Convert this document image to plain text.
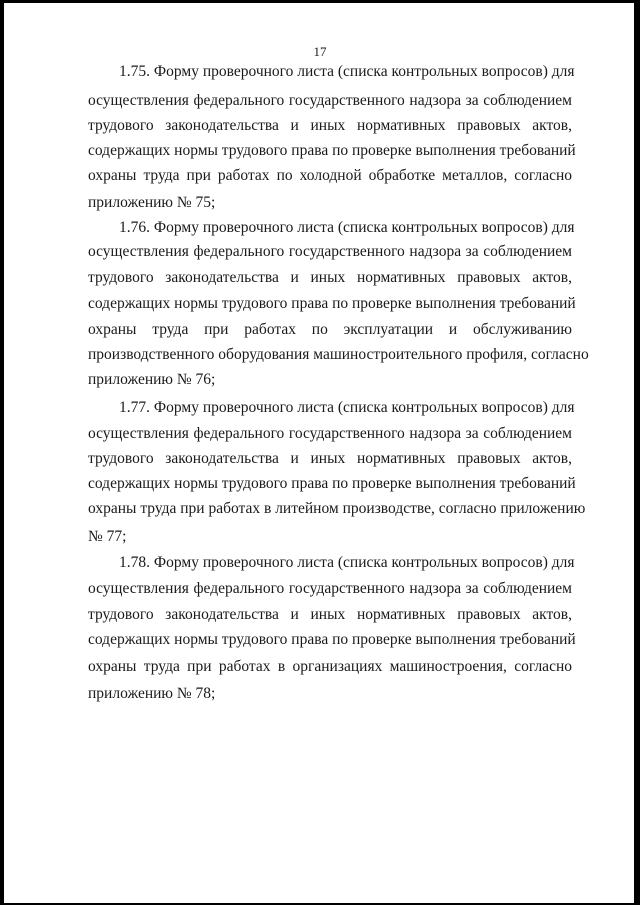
17
1.75. Форму проверочного листа (списка контрольных вопросов) для
осуществления федерального государственного надзора за соблюдением
трудового законодательства и иных нормативных правовых актов,
содержащих нормы трудового права по проверке выполнения требований
охраны труда при работах по холодной обработке металлов, согласно
приложению № 75;
1.76. Форму проверочного листа (списка контрольных вопросов) для
осуществления федерального государственного надзора за соблюдением
трудового законодательства и иных нормативных правовых актов,
содержащих нормы трудового права по проверке выполнения требований
охраны труда при работах по эксплуатации и обслуживанию
производственного оборудования машиностроительного профиля, согласно
приложению № 76;
1.77. Форму проверочного листа (списка контрольных вопросов) для
осуществления федерального государственного надзора за соблюдением
трудового законодательства и иных нормативных правовых актов,
содержащих нормы трудового права по проверке выполнения требований
охраны труда при работах в литейном производстве, согласно приложению
№ 77;
1.78. Форму проверочного листа (списка контрольных вопросов) для
осуществления федерального государственного надзора за соблюдением
трудового законодательства и иных нормативных правовых актов,
содержащих нормы трудового права по проверке выполнения требований
охраны труда при работах в организациях машиностроения, согласно
приложению № 78;
